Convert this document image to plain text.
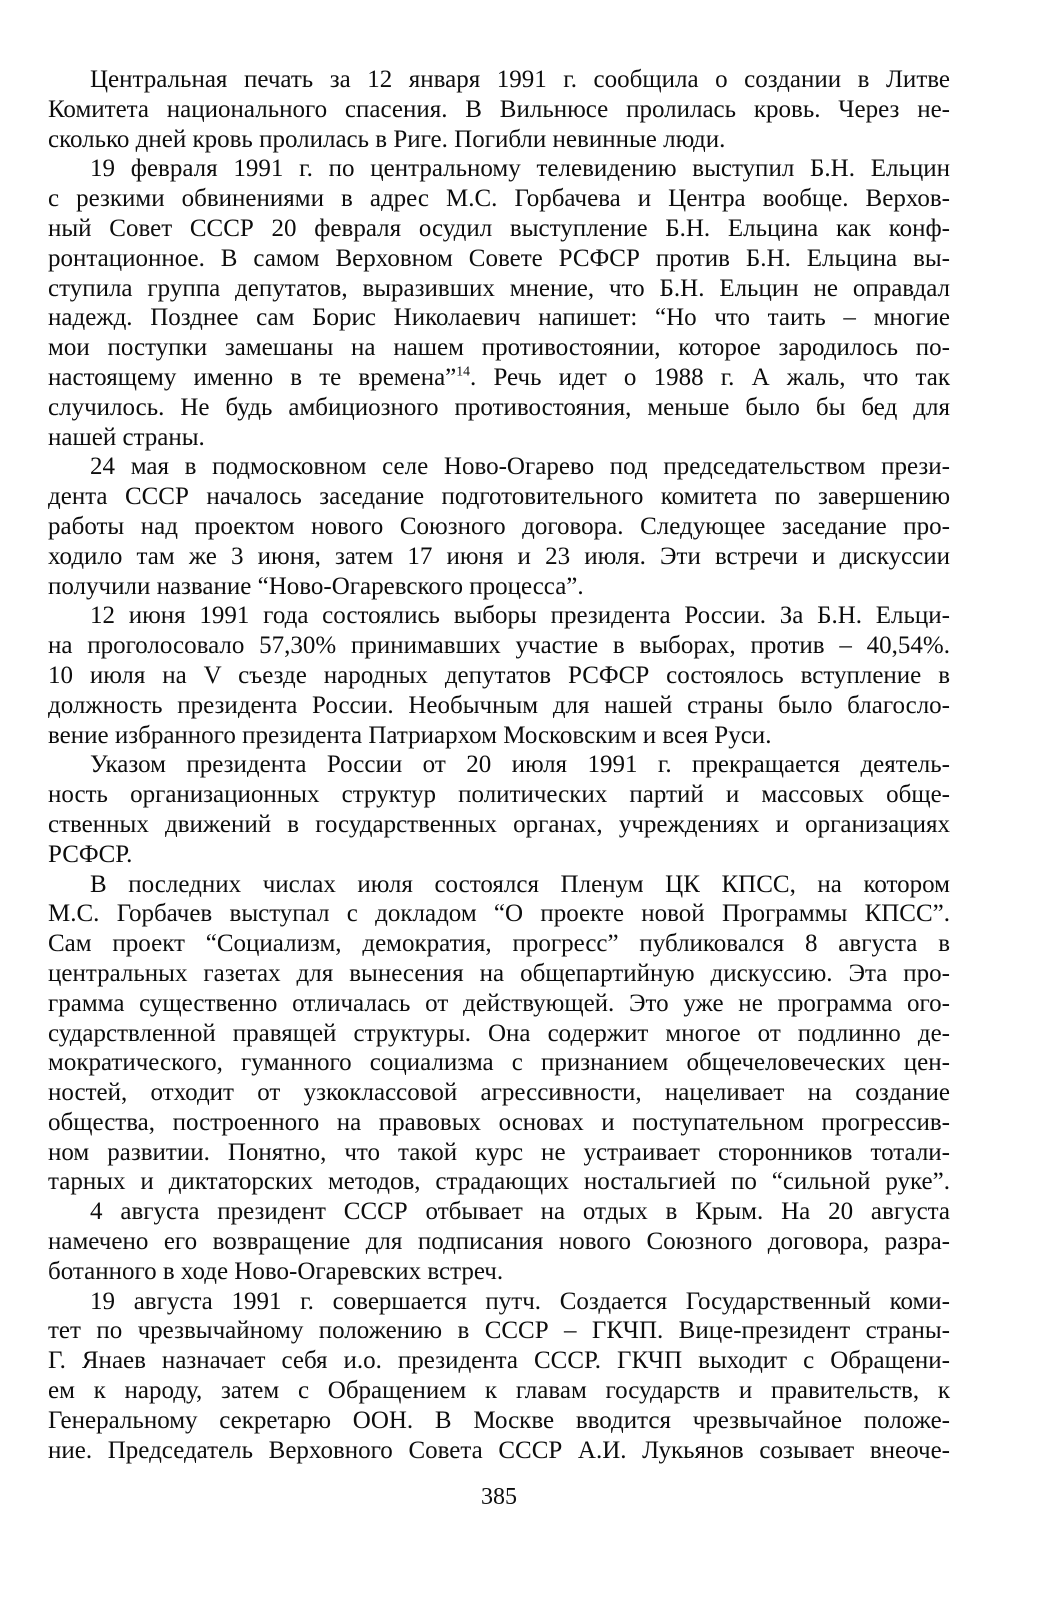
Центральная печать за 12 января 1991 г. сообщила о создании в Литве
Комитета национального спасения. В Вильнюсе пролилась кровь. Через не-
сколько дней кровь пролилась в Риге. Погибли невинные люди.
19 февраля 1991 г. по центральному телевидению выступил Б.Н. Ельцин
с резкими обвинениями в адрес М.С. Горбачева и Центра вообще. Верхов-
ный Совет СССР 20 февраля осудил выступление Б.Н. Ельцина как конф-
ронтационное. В самом Верховном Совете РСФСР против Б.Н. Ельцина вы-
ступила группа депутатов, выразивших мнение, что Б.Н. Ельцин не оправдал
надежд. Позднее сам Борис Николаевич напишет: “Но что таить – многие
мои поступки замешаны на нашем противостоянии, которое зародилось по-
настоящему именно в те времена”$^{14}$. Речь идет о 1988 г. А жаль, что так
случилось. Не будь амбициозного противостояния, меньше было бы бед для
нашей страны.
24 мая в подмосковном селе Ново-Огарево под председательством прези-
дента СССР началось заседание подготовительного комитета по завершению
работы над проектом нового Союзного договора. Следующее заседание про-
ходило там же 3 июня, затем 17 июня и 23 июля. Эти встречи и дискуссии
получили название “Ново-Огаревского процесса”.
12 июня 1991 года состоялись выборы президента России. За Б.Н. Ельци-
на проголосовало 57,30% принимавших участие в выборах, против – 40,54%.
10 июля на V съезде народных депутатов РСФСР состоялось вступление в
должность президента России. Необычным для нашей страны было благосло-
вение избранного президента Патриархом Московским и всея Руси.
Указом президента России от 20 июля 1991 г. прекращается деятель-
ность организационных структур политических партий и массовых обще-
ственных движений в государственных органах, учреждениях и организациях
РСФСР.
В последних числах июля состоялся Пленум ЦК КПСС, на котором
М.С. Горбачев выступал с докладом “О проекте новой Программы КПСС”.
Сам проект “Социализм, демократия, прогресс” публиковался 8 августа в
центральных газетах для вынесения на общепартийную дискуссию. Эта про-
грамма существенно отличалась от действующей. Это уже не программа ого-
сударствленной правящей структуры. Она содержит многое от подлинно де-
мократического, гуманного социализма с признанием общечеловеческих цен-
ностей, отходит от узкоклассовой агрессивности, нацеливает на создание
общества, построенного на правовых основах и поступательном прогрессив-
ном развитии. Понятно, что такой курс не устраивает сторонников тотали-
тарных и диктаторских методов, страдающих ностальгией по “сильной руке”.
4 августа президент СССР отбывает на отдых в Крым. На 20 августа
намечено его возвращение для подписания нового Союзного договора, разра-
ботанного в ходе Ново-Огаревских встреч.
19 августа 1991 г. совершается путч. Создается Государственный коми-
тет по чрезвычайному положению в СССР – ГКЧП. Вице-президент страны-
Г. Янаев назначает себя и.о. президента СССР. ГКЧП выходит с Обращени-
ем к народу, затем с Обращением к главам государств и правительств, к
Генеральному секретарю ООН. В Москве вводится чрезвычайное положе-
ние. Председатель Верховного Совета СССР А.И. Лукьянов созывает внеоче-
385
